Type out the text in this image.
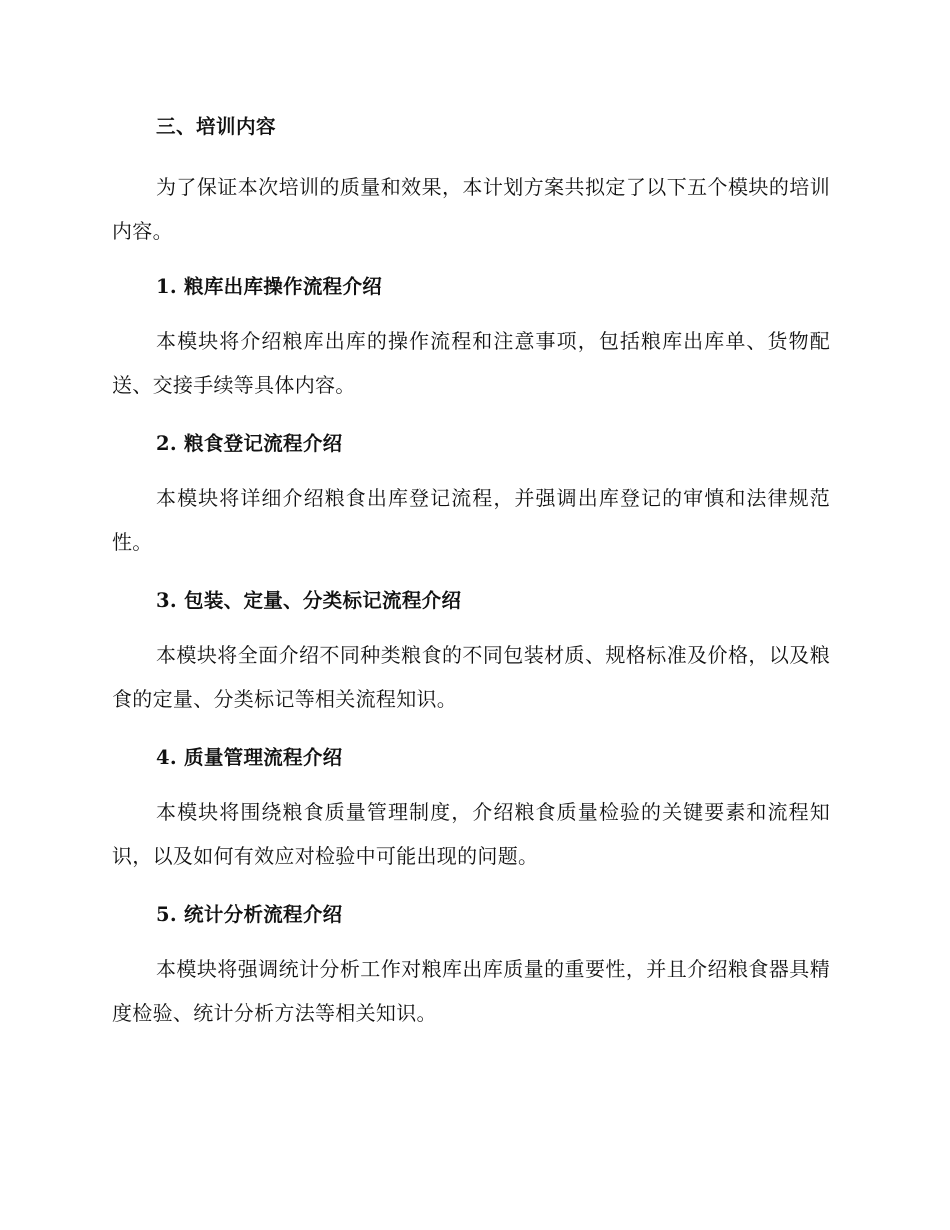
三、培训内容

为了保证本次培训的质量和效果，本计划方案共拟定了以下五个模块的培训内容。

1. 粮库出库操作流程介绍

本模块将介绍粮库出库的操作流程和注意事项，包括粮库出库单、货物配送、交接手续等具体内容。

2. 粮食登记流程介绍

本模块将详细介绍粮食出库登记流程，并强调出库登记的审慎和法律规范性。

3. 包装、定量、分类标记流程介绍

本模块将全面介绍不同种类粮食的不同包装材质、规格标准及价格，以及粮食的定量、分类标记等相关流程知识。

4. 质量管理流程介绍

本模块将围绕粮食质量管理制度，介绍粮食质量检验的关键要素和流程知识，以及如何有效应对检验中可能出现的问题。

5. 统计分析流程介绍

本模块将强调统计分析工作对粮库出库质量的重要性，并且介绍粮食器具精度检验、统计分析方法等相关知识。
